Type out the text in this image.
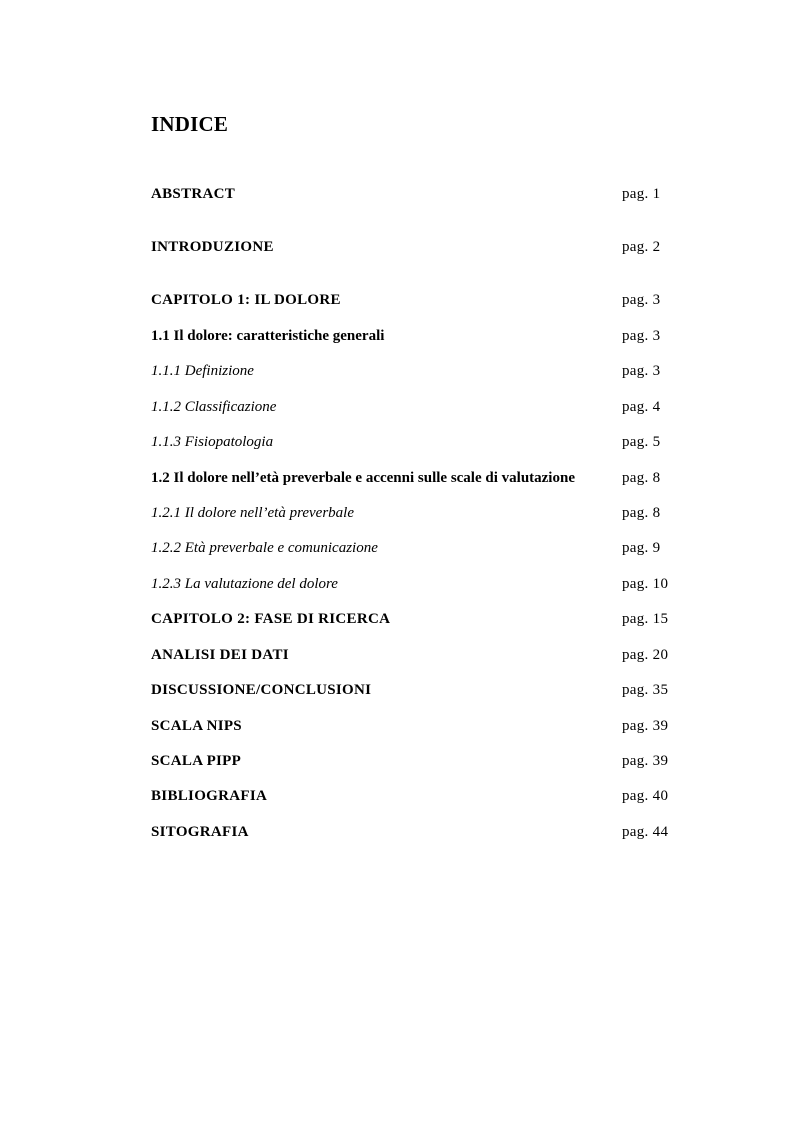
INDICE
ABSTRACT	pag. 1
INTRODUZIONE	pag. 2
CAPITOLO 1: IL DOLORE	pag. 3
1.1 Il dolore: caratteristiche generali	pag. 3
1.1.1 Definizione	pag. 3
1.1.2 Classificazione	pag. 4
1.1.3 Fisiopatologia	pag. 5
1.2 Il dolore nell’età preverbale e accenni sulle scale di valutazione	pag. 8
1.2.1 Il dolore nell’età preverbale	pag. 8
1.2.2 Età preverbale e comunicazione	pag. 9
1.2.3 La valutazione del dolore	pag. 10
CAPITOLO 2: FASE DI RICERCA	pag. 15
ANALISI DEI DATI	pag. 20
DISCUSSIONE/CONCLUSIONI	pag. 35
SCALA NIPS	pag. 39
SCALA PIPP	pag. 39
BIBLIOGRAFIA	pag. 40
SITOGRAFIA	pag. 44
